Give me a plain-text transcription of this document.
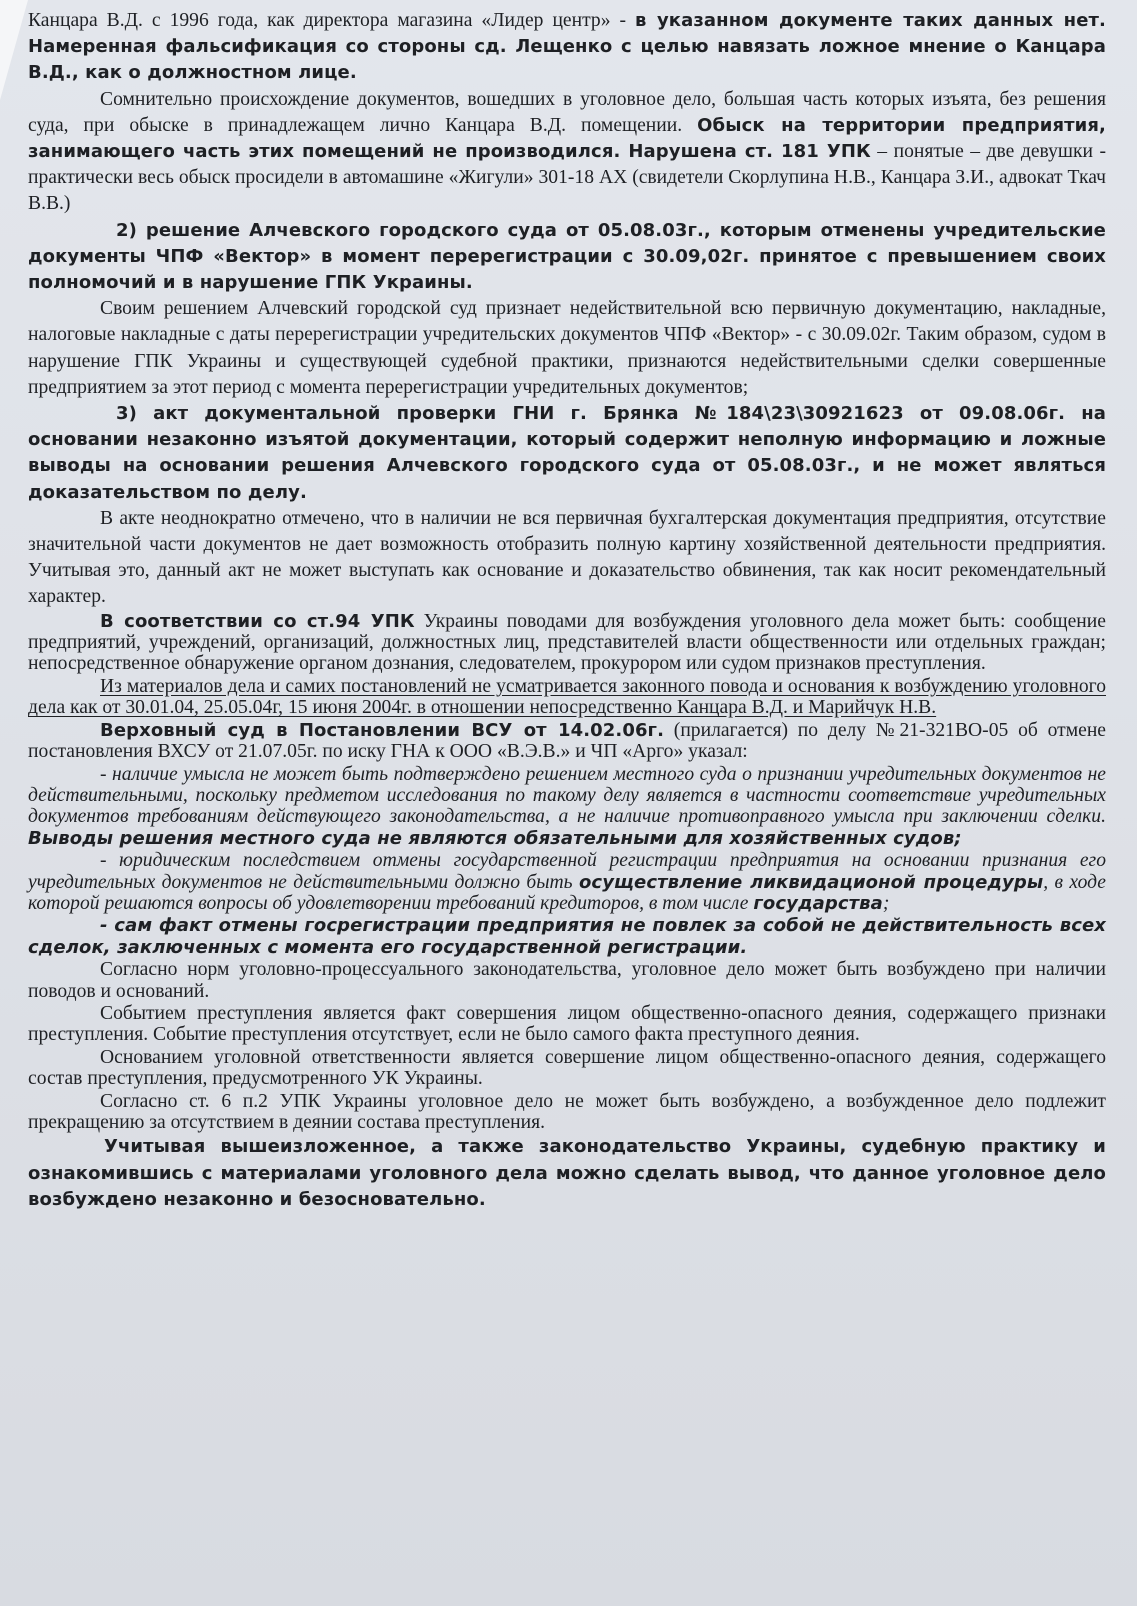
Канцара В.Д. с 1996 года, как директора магазина «Лидер центр» - в указанном документе таких данных нет. Намеренная фальсификация со стороны сд. Лещенко с целью навязать ложное мнение о Канцара В.Д., как о должностном лице.

Сомнительно происхождение документов, вошедших в уголовное дело, большая часть которых изъята, без решения суда, при обыске в принадлежащем лично Канцара В.Д. помещении. Обыск на территории предприятия, занимающего часть этих помещений не производился. Нарушена ст. 181 УПК – понятые – две девушки - практически весь обыск просидели в автомашине «Жигули» 301-18 АХ (свидетели Скорлупина Н.В., Канцара З.И., адвокат Ткач В.В.)

2) решение Алчевского городского суда от 05.08.03г., которым отменены учредительские документы ЧПФ «Вектор» в момент перерегистрации с 30.09,02г. принятое с превышением своих полномочий и в нарушение ГПК Украины.

Своим решением Алчевский городской суд признает недействительной всю первичную документацию, накладные, налоговые накладные с даты перерегистрации учредительских документов ЧПФ «Вектор» - с 30.09.02г. Таким образом, судом в нарушение ГПК Украины и существующей судебной практики, признаются недействительными сделки совершенные предприятием за этот период с момента перерегистрации учредительных документов;

3) акт документальной проверки ГНИ г. Брянка №184\23\30921623 от 09.08.06г. на основании незаконно изъятой документации, который содержит неполную информацию и ложные выводы на основании решения Алчевского городского суда от 05.08.03г., и не может являться доказательством по делу.

В акте неоднократно отмечено, что в наличии не вся первичная бухгалтерская документация предприятия, отсутствие значительной части документов не дает возможность отобразить полную картину хозяйственной деятельности предприятия. Учитывая это, данный акт не может выступать как основание и доказательство обвинения, так как носит рекомендательный характер.

В соответствии со ст.94 УПК Украины поводами для возбуждения уголовного дела может быть: сообщение предприятий, учреждений, организаций, должностных лиц, представителей власти общественности или отдельных граждан; непосредственное обнаружение органом дознания, следователем, прокурором или судом признаков преступления.

Из материалов дела и самих постановлений не усматривается законного повода и основания к возбуждению уголовного дела как от 30.01.04, 25.05.04г, 15 июня 2004г. в отношении непосредственно Канцара В.Д. и Марийчук Н.В.

Верховный суд в Постановлении ВСУ от 14.02.06г. (прилагается) по делу №21-321ВО-05 об отмене постановления ВХСУ от 21.07.05г. по иску ГНА к ООО «В.Э.В.» и ЧП «Арго» указал:

- наличие умысла не может быть подтверждено решением местного суда о признании учредительных документов не действительными, поскольку предметом исследования по такому делу является в частности соответствие учредительных документов требованиям действующего законодательства, а не наличие противоправного умысла при заключении сделки. Выводы решения местного суда не являются обязательными для хозяйственных судов;

- юридическим последствием отмены государственной регистрации предприятия на основании признания его учредительных документов не действительными должно быть осуществление ликвидационой процедуры, в ходе которой решаются вопросы об удовлетворении требований кредиторов, в том числе государства;

- сам факт отмены госрегистрации предприятия не повлек за собой не действительность всех сделок, заключенных с момента его государственной регистрации.

Согласно норм уголовно-процессуального законодательства, уголовное дело может быть возбуждено при наличии поводов и оснований.

Событием преступления является факт совершения лицом общественно-опасного деяния, содержащего признаки преступления. Событие преступления отсутствует, если не было самого факта преступного деяния.

Основанием уголовной ответственности является совершение лицом общественно-опасного деяния, содержащего состав преступления, предусмотренного УК Украины.

Согласно ст. 6 п.2 УПК Украины уголовное дело не может быть возбуждено, а возбужденное дело подлежит прекращению за отсутствием в деянии состава преступления.

Учитывая вышеизложенное, а также законодательство Украины, судебную практику и ознакомившись с материалами уголовного дела можно сделать вывод, что данное уголовное дело возбуждено незаконно и безосновательно.
